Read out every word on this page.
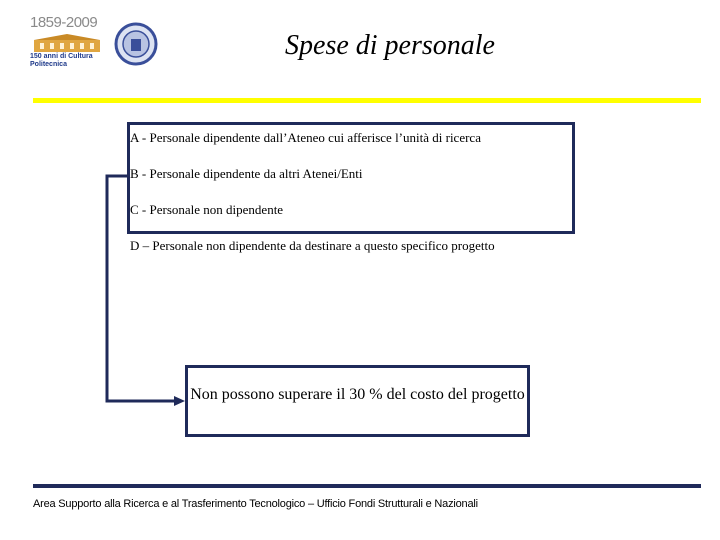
1859-2009
150 anni di Cultura Politecnica
Spese di personale
A - Personale dipendente dall’Ateneo cui afferisce l’unità di ricerca
B - Personale dipendente da altri Atenei/Enti
C - Personale non dipendente
D – Personale non dipendente da destinare a questo specifico progetto
Non possono superare il 30 % del costo del progetto
Area Supporto alla Ricerca e al Trasferimento Tecnologico – Ufficio Fondi Strutturali e Nazionali
